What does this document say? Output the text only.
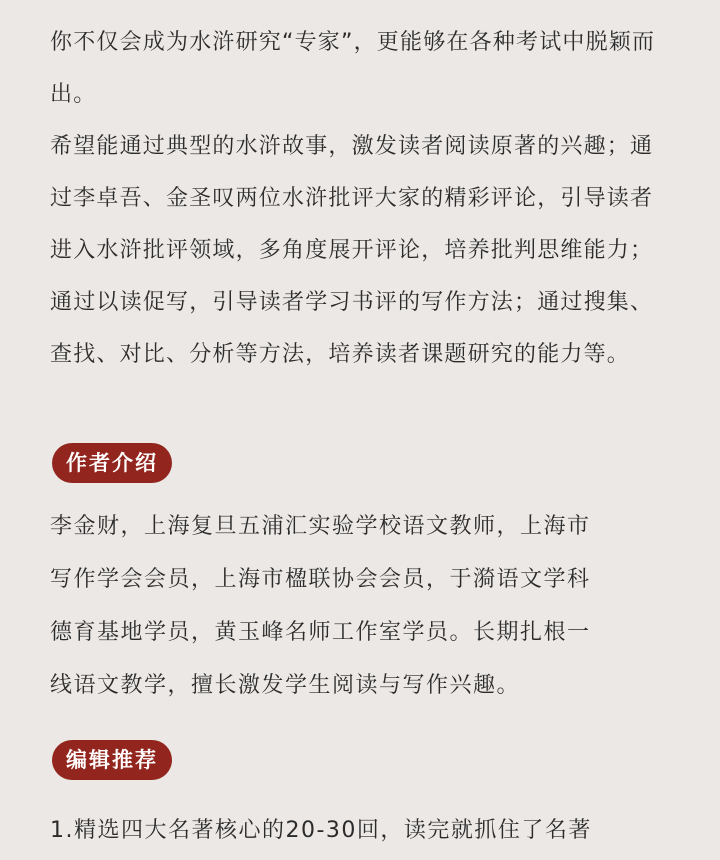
你不仅会成为水浒研究“专家”，更能够在各种考试中脱颖而
出。
希望能通过典型的水浒故事，激发读者阅读原著的兴趣；通
过李卓吾、金圣叹两位水浒批评大家的精彩评论，引导读者
进入水浒批评领域，多角度展开评论，培养批判思维能力；
通过以读促写，引导读者学习书评的写作方法；通过搜集、
查找、对比、分析等方法，培养读者课题研究的能力等。
作者介绍
李金财，上海复旦五浦汇实验学校语文教师，上海市
写作学会会员，上海市楹联协会会员，于漪语文学科
德育基地学员，黄玉峰名师工作室学员。长期扎根一
线语文教学，擅长激发学生阅读与写作兴趣。
编辑推荐
1.精选四大名著核心的20-30回，读完就抓住了名著
